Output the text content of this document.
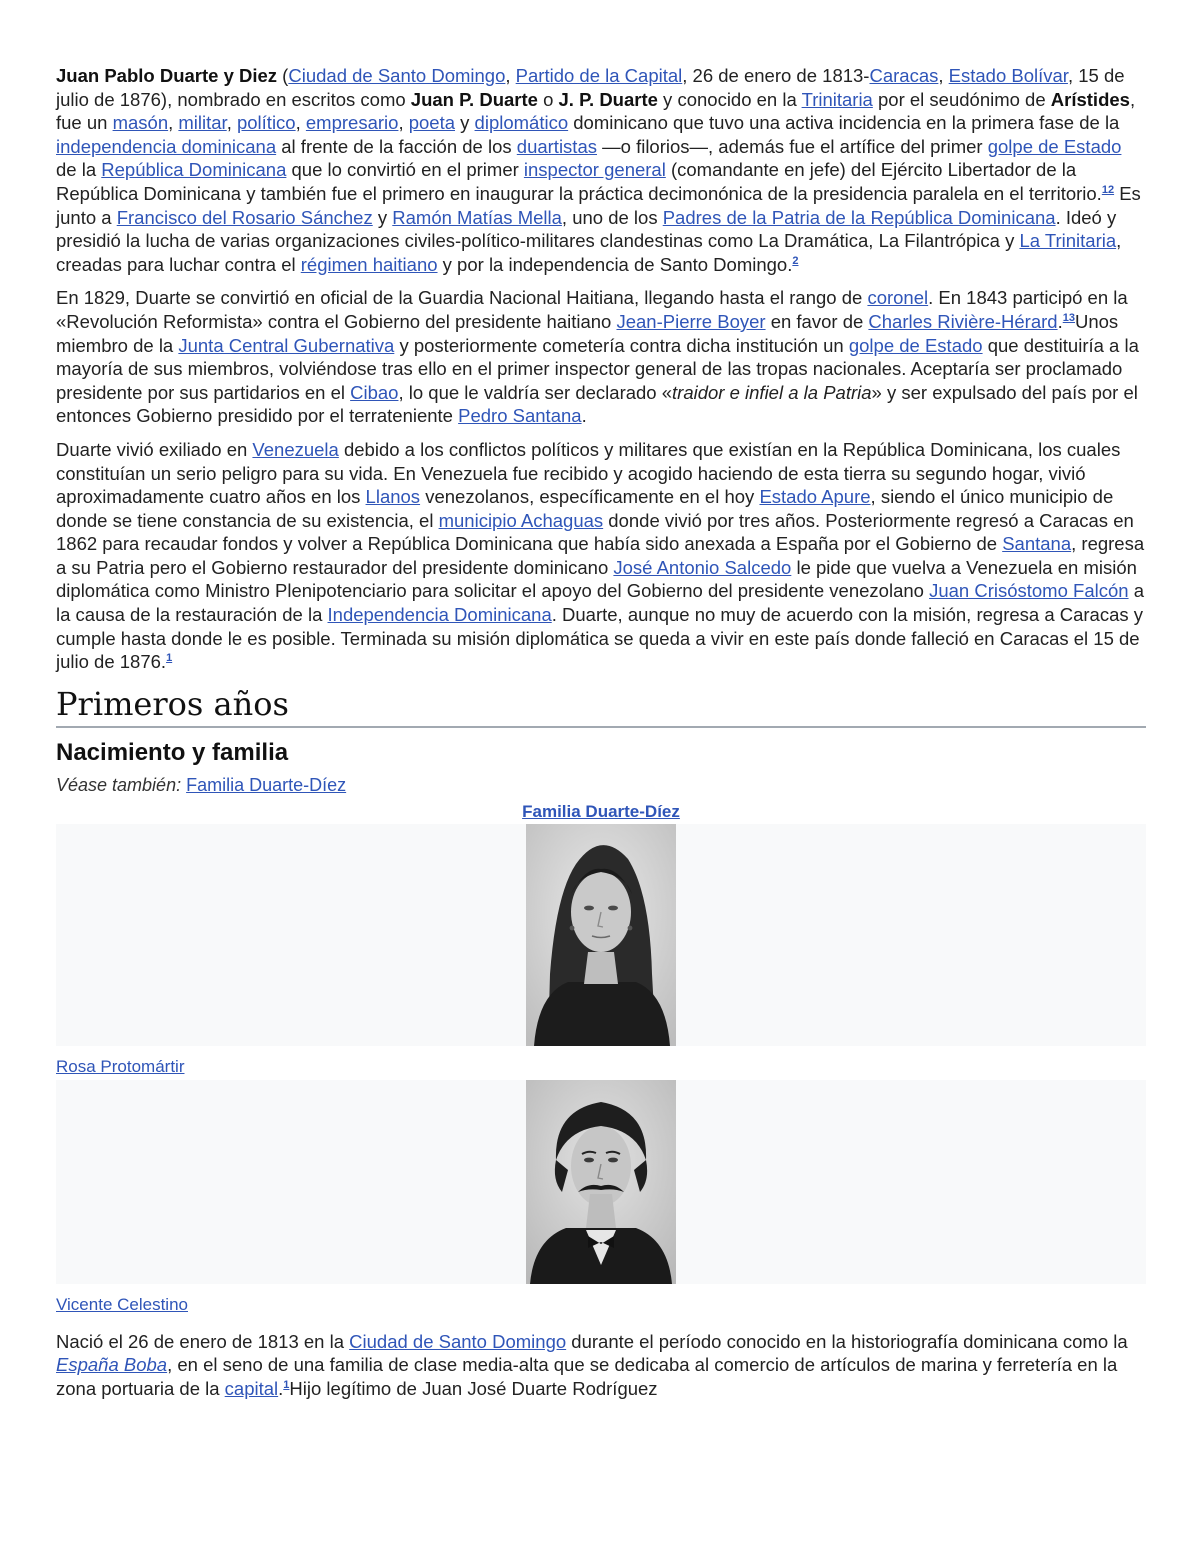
Juan Pablo Duarte y Diez (Ciudad de Santo Domingo, Partido de la Capital, 26 de enero de 1813-Caracas, Estado Bolívar, 15 de julio de 1876), nombrado en escritos como Juan P. Duarte o J. P. Duarte y conocido en la Trinitaria por el seudónimo de Arístides, fue un masón, militar, político, empresario, poeta y diplomático dominicano que tuvo una activa incidencia en la primera fase de la independencia dominicana al frente de la facción de los duartistas —o filorios—, además fue el artífice del primer golpe de Estado de la República Dominicana que lo convirtió en el primer inspector general (comandante en jefe) del Ejército Libertador de la República Dominicana y también fue el primero en inaugurar la práctica decimonónica de la presidencia paralela en el territorio.$^{12}$ Es junto a Francisco del Rosario Sánchez y Ramón Matías Mella, uno de los Padres de la Patria de la República Dominicana. Ideó y presidió la lucha de varias organizaciones civiles-político-militares clandestinas como La Dramática, La Filantrópica y La Trinitaria, creadas para luchar contra el régimen haitiano y por la independencia de Santo Domingo.$^2$

En 1829, Duarte se convirtió en oficial de la Guardia Nacional Haitiana, llegando hasta el rango de coronel. En 1843 participó en la «Revolución Reformista» contra el Gobierno del presidente haitiano Jean-Pierre Boyer en favor de Charles Rivière-Hérard.$^{13}$Unos miembro de la Junta Central Gubernativa y posteriormente cometería contra dicha institución un golpe de Estado que destituiría a la mayoría de sus miembros, volviéndose tras ello en el primer inspector general de las tropas nacionales. Aceptaría ser proclamado presidente por sus partidarios en el Cibao, lo que le valdría ser declarado «traidor e infiel a la Patria» y ser expulsado del país por el entonces Gobierno presidido por el terrateniente Pedro Santana.

Duarte vivió exiliado en Venezuela debido a los conflictos políticos y militares que existían en la República Dominicana, los cuales constituían un serio peligro para su vida. En Venezuela fue recibido y acogido haciendo de esta tierra su segundo hogar, vivió aproximadamente cuatro años en los Llanos venezolanos, específicamente en el hoy Estado Apure, siendo el único municipio de donde se tiene constancia de su existencia, el municipio Achaguas donde vivió por tres años. Posteriormente regresó a Caracas en 1862 para recaudar fondos y volver a República Dominicana que había sido anexada a España por el Gobierno de Santana, regresa a su Patria pero el Gobierno restaurador del presidente dominicano José Antonio Salcedo le pide que vuelva a Venezuela en misión diplomática como Ministro Plenipotenciario para solicitar el apoyo del Gobierno del presidente venezolano Juan Crisóstomo Falcón a la causa de la restauración de la Independencia Dominicana. Duarte, aunque no muy de acuerdo con la misión, regresa a Caracas y cumple hasta donde le es posible. Terminada su misión diplomática se queda a vivir en este país donde falleció en Caracas el 15 de julio de 1876.$^1$

Primeros años
Nacimiento y familia
Véase también: Familia Duarte-Díez
Familia Duarte-Díez
Rosa Protomártir
Vicente Celestino

Nació el 26 de enero de 1813 en la Ciudad de Santo Domingo durante el período conocido en la historiografía dominicana como la España Boba, en el seno de una familia de clase media-alta que se dedicaba al comercio de artículos de marina y ferretería en la zona portuaria de la capital.$^1$Hijo legítimo de Juan José Duarte Rodríguez
